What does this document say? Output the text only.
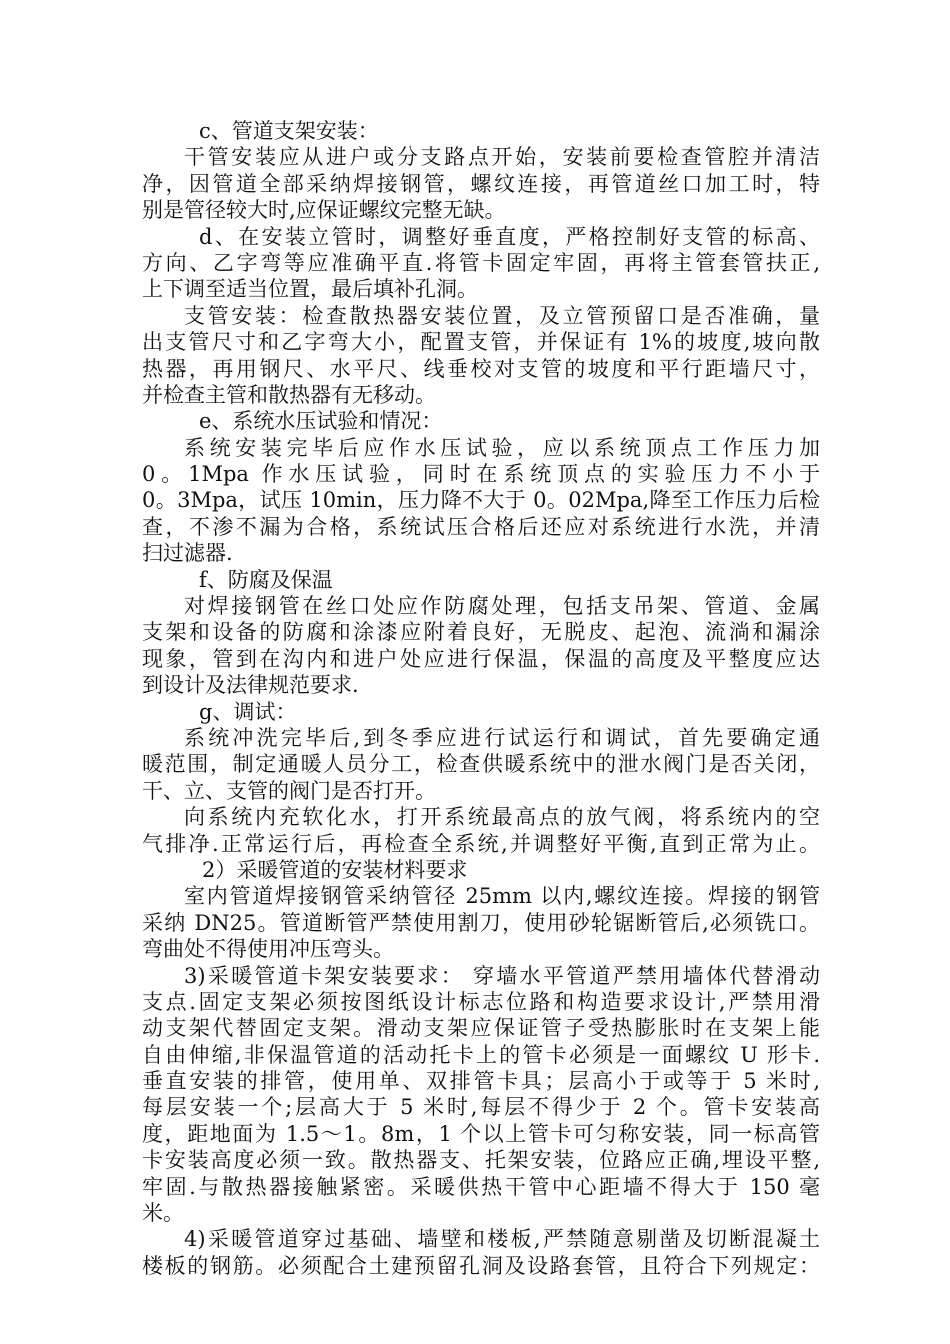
c、管道支架安装：
干管安装应从进户或分支路点开始，安装前要检查管腔并清洁
净，因管道全部采纳焊接钢管，螺纹连接，再管道丝口加工时，特
别是管径较大时,应保证螺纹完整无缺。
d、在安装立管时，调整好垂直度，严格控制好支管的标高、
方向、乙字弯等应准确平直.将管卡固定牢固，再将主管套管扶正,
上下调至适当位置，最后填补孔洞。
支管安装：检查散热器安装位置，及立管预留口是否准确，量
出支管尺寸和乙字弯大小，配置支管，并保证有 1%的坡度,坡向散
热器，再用钢尺、水平尺、线垂校对支管的坡度和平行距墙尺寸，
并检查主管和散热器有无移动。
e、系统水压试验和情况：
系统安装完毕后应作水压试验，应以系统顶点工作压力加
0。1Mpa 作水压试验，同时在系统顶点的实验压力不小于
0。3Mpa，试压 10min，压力降不大于 0。02Mpa,降至工作压力后检
查，不渗不漏为合格，系统试压合格后还应对系统进行水洗，并清
扫过滤器.
f、防腐及保温
对焊接钢管在丝口处应作防腐处理，包括支吊架、管道、金属
支架和设备的防腐和涂漆应附着良好，无脱皮、起泡、流淌和漏涂
现象，管到在沟内和进户处应进行保温，保温的高度及平整度应达
到设计及法律规范要求.
g、调试：
系统冲洗完毕后,到冬季应进行试运行和调试，首先要确定通
暖范围，制定通暖人员分工，检查供暖系统中的泄水阀门是否关闭，
干、立、支管的阀门是否打开。
向系统内充软化水，打开系统最高点的放气阀，将系统内的空
气排净.正常运行后，再检查全系统,并调整好平衡,直到正常为止。
2）采暖管道的安装材料要求
室内管道焊接钢管采纳管径 25mm 以内,螺纹连接。焊接的钢管
采纳 DN25。管道断管严禁使用割刀，使用砂轮锯断管后,必须铣口。
弯曲处不得使用冲压弯头。
3)采暖管道卡架安装要求： 穿墙水平管道严禁用墙体代替滑动
支点.固定支架必须按图纸设计标志位路和构造要求设计,严禁用滑
动支架代替固定支架。滑动支架应保证管子受热膨胀时在支架上能
自由伸缩,非保温管道的活动托卡上的管卡必须是一面螺纹 U 形卡.
垂直安装的排管，使用单、双排管卡具；层高小于或等于 5 米时,
每层安装一个;层高大于 5 米时,每层不得少于 2 个。管卡安装高
度，距地面为 1.5～1。8m，1 个以上管卡可匀称安装，同一标高管
卡安装高度必须一致。散热器支、托架安装，位路应正确,埋设平整,
牢固.与散热器接触紧密。采暖供热干管中心距墙不得大于 150 毫
米。
4)采暖管道穿过基础、墙壁和楼板,严禁随意剔凿及切断混凝土
楼板的钢筋。必须配合土建预留孔洞及设路套管，且符合下列规定：
